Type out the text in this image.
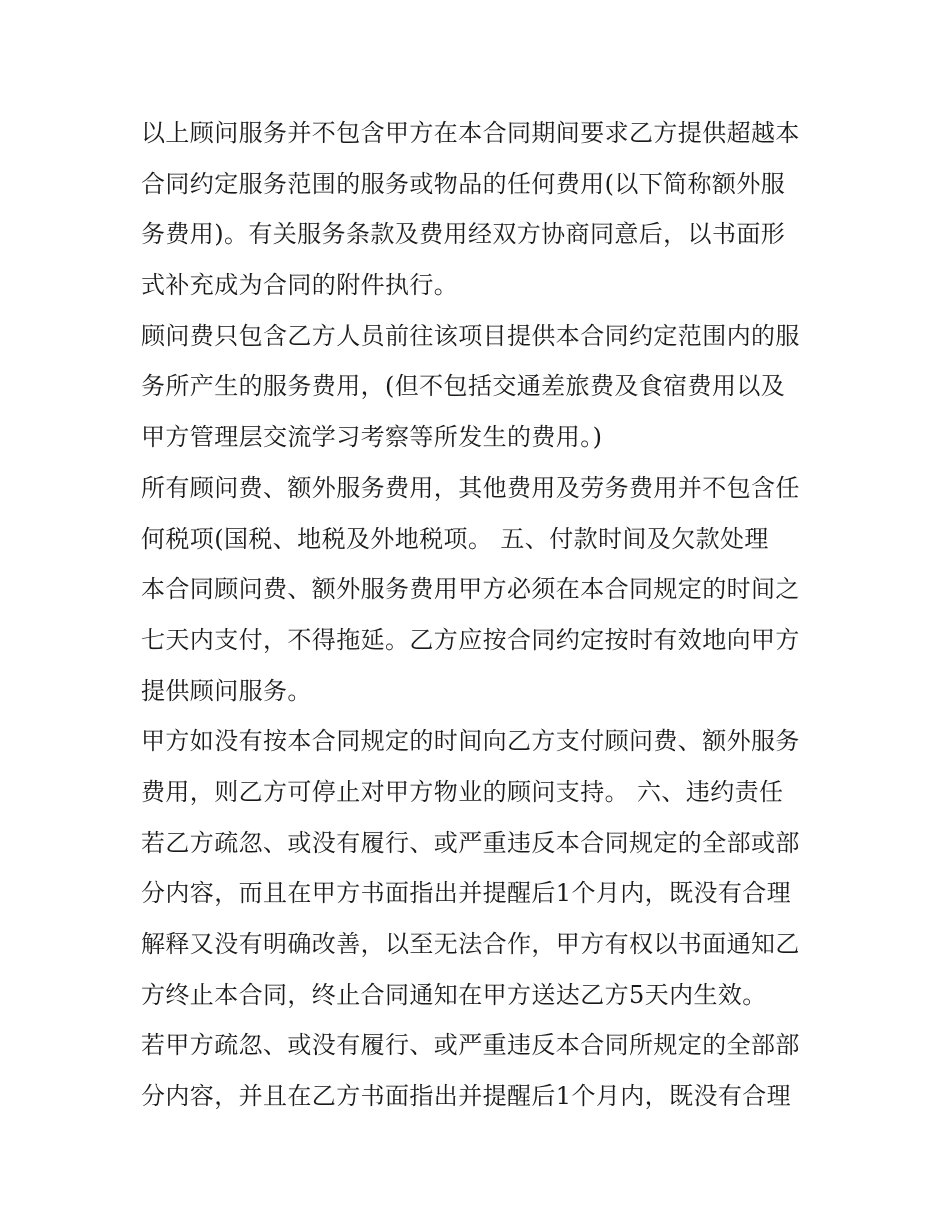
以上顾问服务并不包含甲方在本合同期间要求乙方提供超越本
合同约定服务范围的服务或物品的任何费用(以下简称额外服
务费用)。有关服务条款及费用经双方协商同意后，以书面形
式补充成为合同的附件执行。
顾问费只包含乙方人员前往该项目提供本合同约定范围内的服
务所产生的服务费用，(但不包括交通差旅费及食宿费用以及
甲方管理层交流学习考察等所发生的费用。)
所有顾问费、额外服务费用，其他费用及劳务费用并不包含任
何税项(国税、地税及外地税项。 五、付款时间及欠款处理
本合同顾问费、额外服务费用甲方必须在本合同规定的时间之
七天内支付，不得拖延。乙方应按合同约定按时有效地向甲方
提供顾问服务。
甲方如没有按本合同规定的时间向乙方支付顾问费、额外服务
费用，则乙方可停止对甲方物业的顾问支持。 六、违约责任
若乙方疏忽、或没有履行、或严重违反本合同规定的全部或部
分内容，而且在甲方书面指出并提醒后1个月内，既没有合理
解释又没有明确改善，以至无法合作，甲方有权以书面通知乙
方终止本合同，终止合同通知在甲方送达乙方5天内生效。
若甲方疏忽、或没有履行、或严重违反本合同所规定的全部部
分内容，并且在乙方书面指出并提醒后1个月内，既没有合理
